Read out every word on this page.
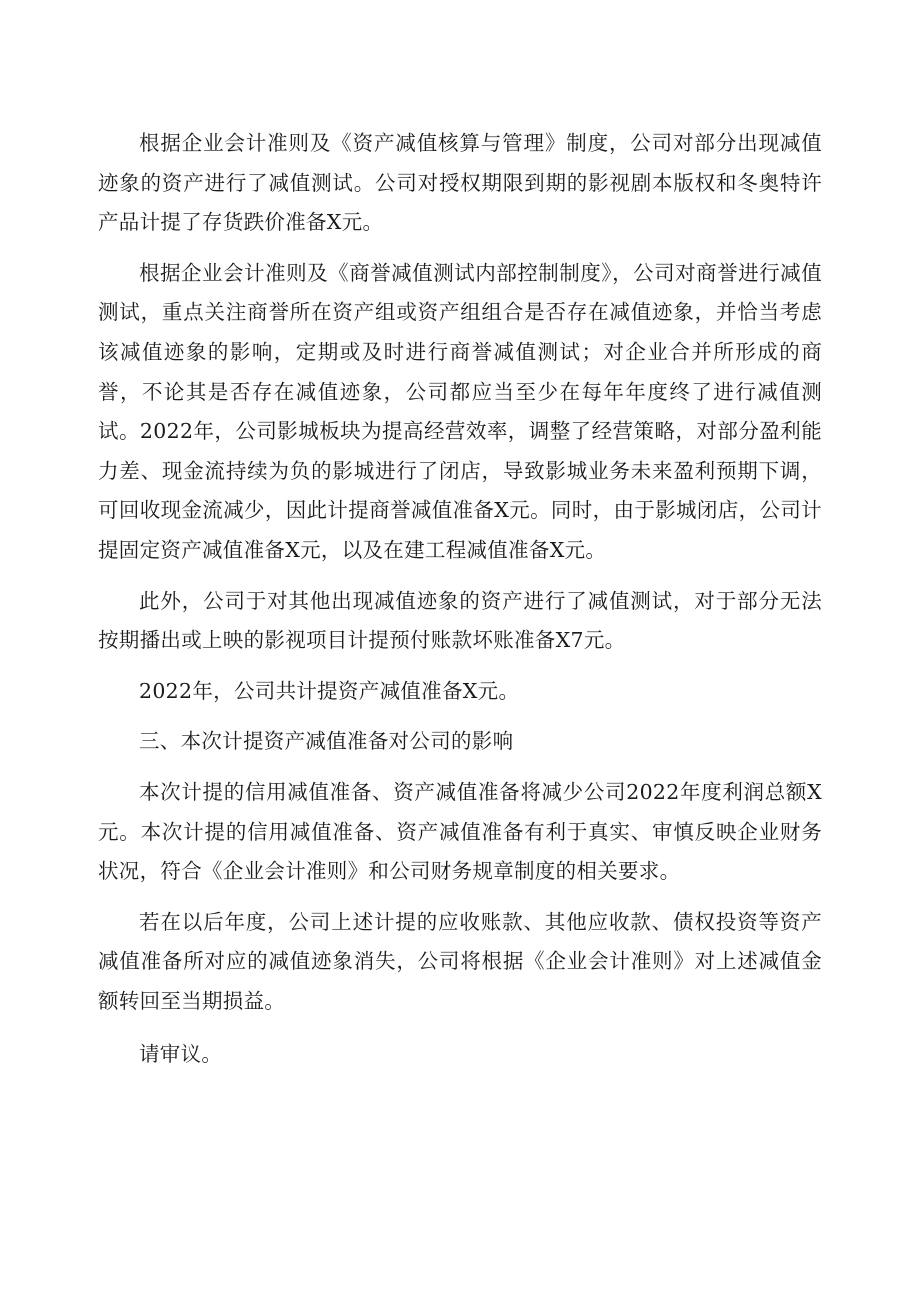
根据企业会计准则及《资产减值核算与管理》制度，公司对部分出现减值迹象的资产进行了减值测试。公司对授权期限到期的影视剧本版权和冬奥特许产品计提了存货跌价准备X元。

根据企业会计准则及《商誉减值测试内部控制制度》，公司对商誉进行减值测试，重点关注商誉所在资产组或资产组组合是否存在减值迹象，并恰当考虑该减值迹象的影响，定期或及时进行商誉减值测试；对企业合并所形成的商誉，不论其是否存在减值迹象，公司都应当至少在每年年度终了进行减值测试。2022年，公司影城板块为提高经营效率，调整了经营策略，对部分盈利能力差、现金流持续为负的影城进行了闭店，导致影城业务未来盈利预期下调，可回收现金流减少，因此计提商誉减值准备X元。同时，由于影城闭店，公司计提固定资产减值准备X元，以及在建工程减值准备X元。

此外，公司于对其他出现减值迹象的资产进行了减值测试，对于部分无法按期播出或上映的影视项目计提预付账款坏账准备X7元。

2022年，公司共计提资产减值准备X元。

三、本次计提资产减值准备对公司的影响

本次计提的信用减值准备、资产减值准备将减少公司2022年度利润总额X元。本次计提的信用减值准备、资产减值准备有利于真实、审慎反映企业财务状况，符合《企业会计准则》和公司财务规章制度的相关要求。

若在以后年度，公司上述计提的应收账款、其他应收款、债权投资等资产减值准备所对应的减值迹象消失，公司将根据《企业会计准则》对上述减值金额转回至当期损益。

请审议。
